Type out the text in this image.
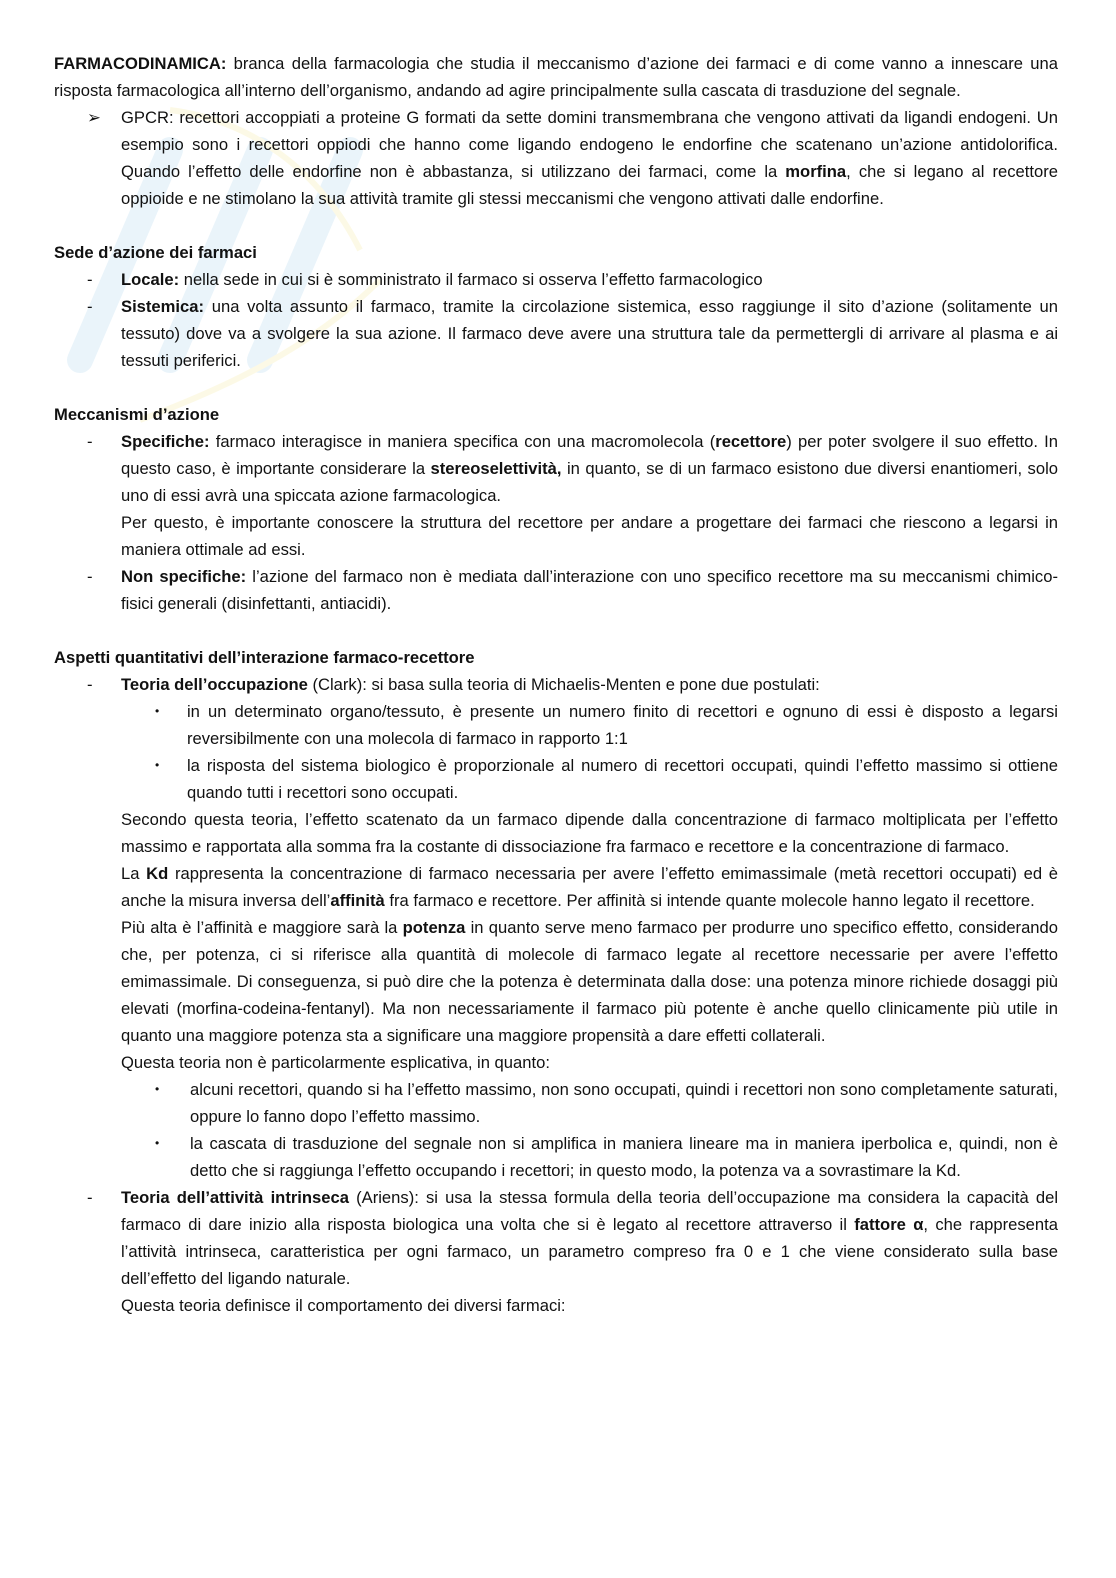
FARMACODINAMICA: branca della farmacologia che studia il meccanismo d’azione dei farmaci e di come vanno a innescare una risposta farmacologica all’interno dell’organismo, andando ad agire principalmente sulla cascata di trasduzione del segnale.

➢ GPCR: recettori accoppiati a proteine G formati da sette domini transmembrana che vengono attivati da ligandi endogeni. Un esempio sono i recettori oppiodi che hanno come ligando endogeno le endorfine che scatenano un’azione antidolorifica. Quando l’effetto delle endorfine non è abbastanza, si utilizzano dei farmaci, come la morfina, che si legano al recettore oppioide e ne stimolano la sua attività tramite gli stessi meccanismi che vengono attivati dalle endorfine.

Sede d’azione dei farmaci

- Locale: nella sede in cui si è somministrato il farmaco si osserva l’effetto farmacologico

- Sistemica: una volta assunto il farmaco, tramite la circolazione sistemica, esso raggiunge il sito d’azione (solitamente un tessuto) dove va a svolgere la sua azione. Il farmaco deve avere una struttura tale da permettergli di arrivare al plasma e ai tessuti periferici.

Meccanismi d’azione

- Specifiche: farmaco interagisce in maniera specifica con una macromolecola (recettore) per poter svolgere il suo effetto. In questo caso, è importante considerare la stereoselettività, in quanto, se di un farmaco esistono due diversi enantiomeri, solo uno di essi avrà una spiccata azione farmacologica.

Per questo, è importante conoscere la struttura del recettore per andare a progettare dei farmaci che riescono a legarsi in maniera ottimale ad essi.

- Non specifiche: l’azione del farmaco non è mediata dall’interazione con uno specifico recettore ma su meccanismi chimico-fisici generali (disinfettanti, antiacidi).

Aspetti quantitativi dell’interazione farmaco-recettore

- Teoria dell’occupazione (Clark): si basa sulla teoria di Michaelis-Menten e pone due postulati:

• in un determinato organo/tessuto, è presente un numero finito di recettori e ognuno di essi è disposto a legarsi reversibilmente con una molecola di farmaco in rapporto 1:1

• la risposta del sistema biologico è proporzionale al numero di recettori occupati, quindi l’effetto massimo si ottiene quando tutti i recettori sono occupati.

Secondo questa teoria, l’effetto scatenato da un farmaco dipende dalla concentrazione di farmaco moltiplicata per l’effetto massimo e rapportata alla somma fra la costante di dissociazione fra farmaco e recettore e la concentrazione di farmaco.

La Kd rappresenta la concentrazione di farmaco necessaria per avere l’effetto emimassimale (metà recettori occupati) ed è anche la misura inversa dell’affinità fra farmaco e recettore. Per affinità si intende quante molecole hanno legato il recettore.

Più alta è l’affinità e maggiore sarà la potenza in quanto serve meno farmaco per produrre uno specifico effetto, considerando che, per potenza, ci si riferisce alla quantità di molecole di farmaco legate al recettore necessarie per avere l’effetto emimassimale. Di conseguenza, si può dire che la potenza è determinata dalla dose: una potenza minore richiede dosaggi più elevati (morfina-codeina-fentanyl). Ma non necessariamente il farmaco più potente è anche quello clinicamente più utile in quanto una maggiore potenza sta a significare una maggiore propensità a dare effetti collaterali.

Questa teoria non è particolarmente esplicativa, in quanto:

• alcuni recettori, quando si ha l’effetto massimo, non sono occupati, quindi i recettori non sono completamente saturati, oppure lo fanno dopo l’effetto massimo.

• la cascata di trasduzione del segnale non si amplifica in maniera lineare ma in maniera iperbolica e, quindi, non è detto che si raggiunga l’effetto occupando i recettori; in questo modo, la potenza va a sovrastimare la Kd.

- Teoria dell’attività intrinseca (Ariens): si usa la stessa formula della teoria dell’occupazione ma considera la capacità del farmaco di dare inizio alla risposta biologica una volta che si è legato al recettore attraverso il fattore α, che rappresenta l’attività intrinseca, caratteristica per ogni farmaco, un parametro compreso fra 0 e 1 che viene considerato sulla base dell’effetto del ligando naturale.

Questa teoria definisce il comportamento dei diversi farmaci:
